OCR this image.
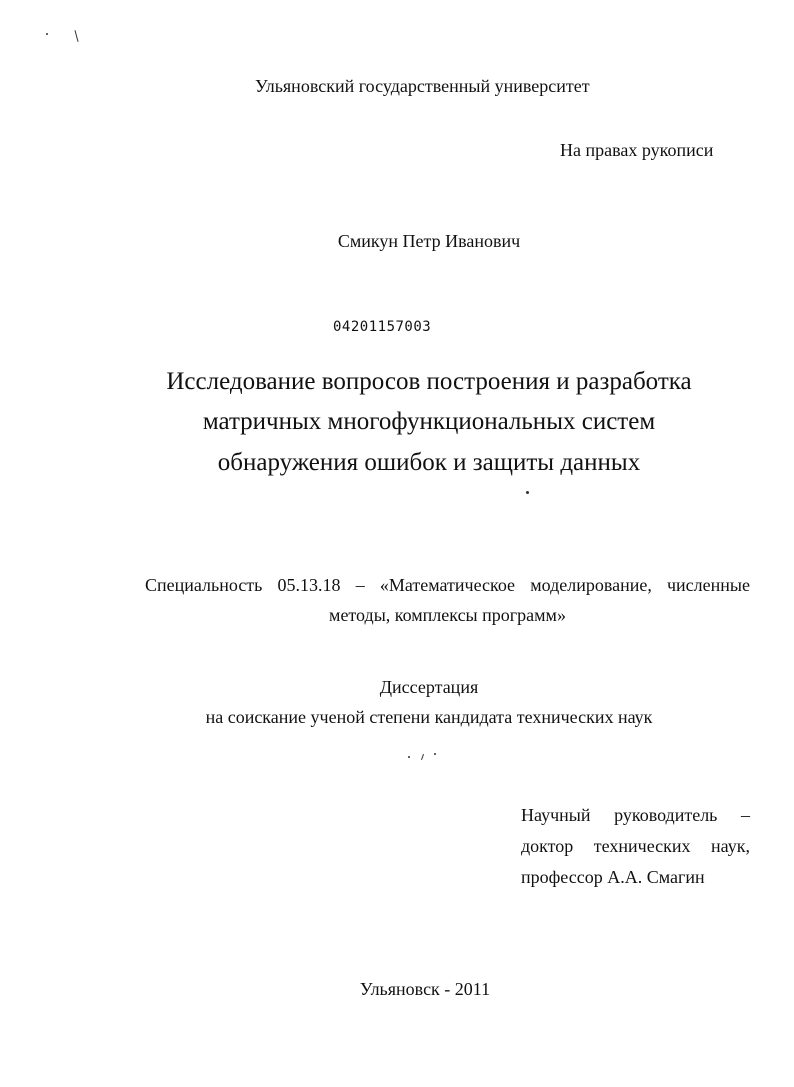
Ульяновский государственный университет
На правах рукописи
Смикун Петр Иванович
04201157003
Исследование вопросов построения и разработка
матричных многофункциональных систем
обнаружения ошибок и защиты данных
Специальность 05.13.18 – «Математическое моделирование, численные методы, комплексы программ»
Диссертация
на соискание ученой степени кандидата технических наук
Научный руководитель –
доктор технических наук,
профессор А.А. Смагин
Ульяновск - 2011
